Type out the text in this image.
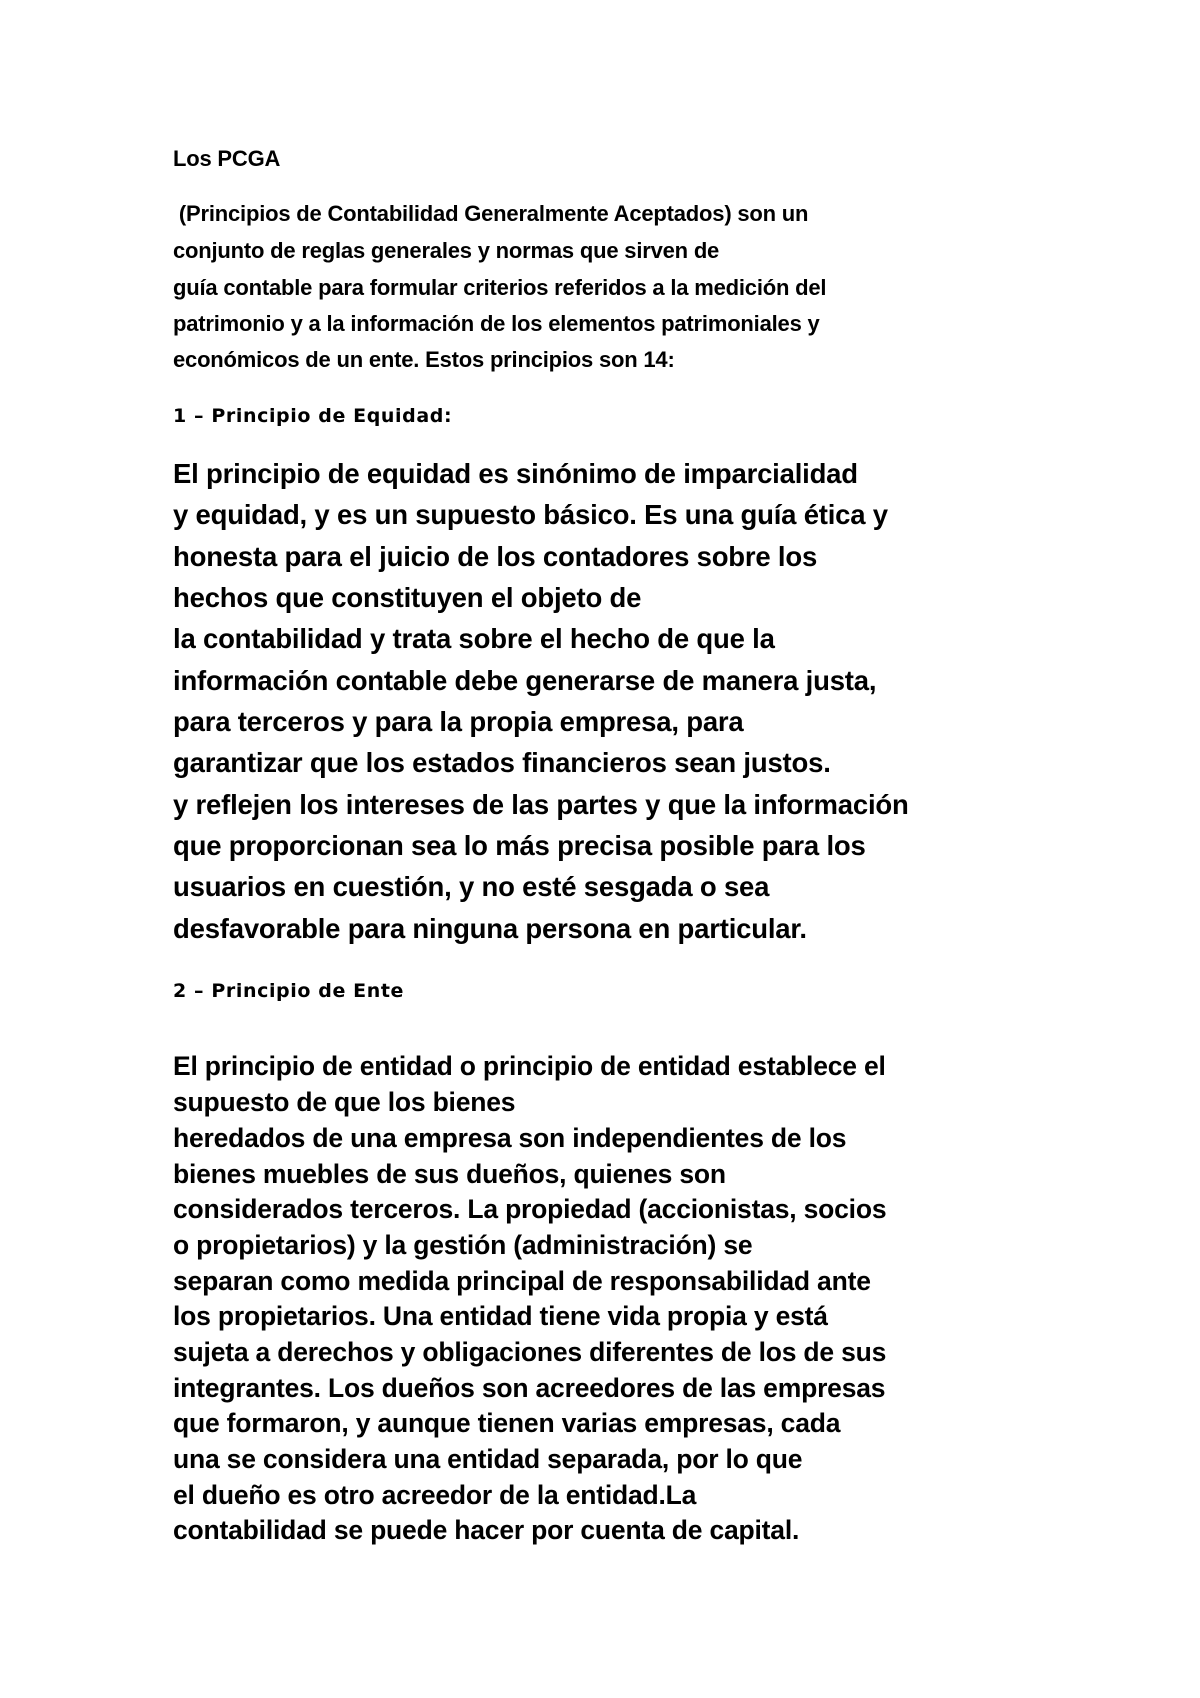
Los PCGA
(Principios de Contabilidad Generalmente Aceptados) son un
conjunto de reglas generales y normas que sirven de
guía contable para formular criterios referidos a la medición del
patrimonio y a la información de los elementos patrimoniales y
económicos de un ente. Estos principios son 14:
1 – Principio de Equidad:
El principio de equidad es sinónimo de imparcialidad
y equidad, y es un supuesto básico. Es una guía ética y
honesta para el juicio de los contadores sobre los
hechos que constituyen el objeto de
la contabilidad y trata sobre el hecho de que la
información contable debe generarse de manera justa,
para terceros y para la propia empresa, para
garantizar que los estados financieros sean justos.
y reflejen los intereses de las partes y que la información
que proporcionan sea lo más precisa posible para los
usuarios en cuestión, y no esté sesgada o sea
desfavorable para ninguna persona en particular.
2 – Principio de Ente
El principio de entidad o principio de entidad establece el
supuesto de que los bienes
heredados de una empresa son independientes de los
bienes muebles de sus dueños, quienes son
considerados terceros. La propiedad (accionistas, socios
o propietarios) y la gestión (administración) se
separan como medida principal de responsabilidad ante
los propietarios. Una entidad tiene vida propia y está
sujeta a derechos y obligaciones diferentes de los de sus
integrantes. Los dueños son acreedores de las empresas
que formaron, y aunque tienen varias empresas, cada
una se considera una entidad separada, por lo que
el dueño es otro acreedor de la entidad.La
contabilidad se puede hacer por cuenta de capital.
